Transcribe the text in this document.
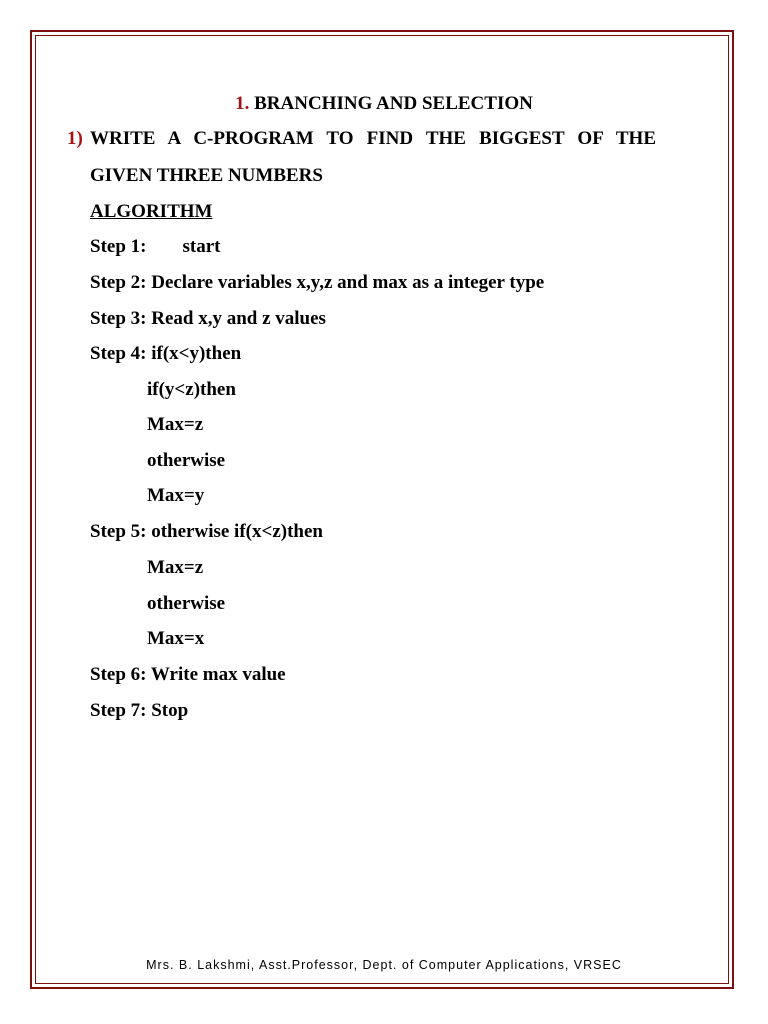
1. BRANCHING AND SELECTION
1) WRITE A C-PROGRAM TO FIND THE BIGGEST OF THE
GIVEN THREE NUMBERS
ALGORITHM
Step 1: start
Step 2: Declare variables x,y,z and max as a integer type
Step 3: Read x,y and z values
Step 4: if(x<y)then
if(y<z)then
Max=z
otherwise
Max=y
Step 5: otherwise if(x<z)then
Max=z
otherwise
Max=x
Step 6: Write max value
Step 7: Stop
Mrs. B. Lakshmi, Asst.Professor, Dept. of Computer Applications, VRSEC
